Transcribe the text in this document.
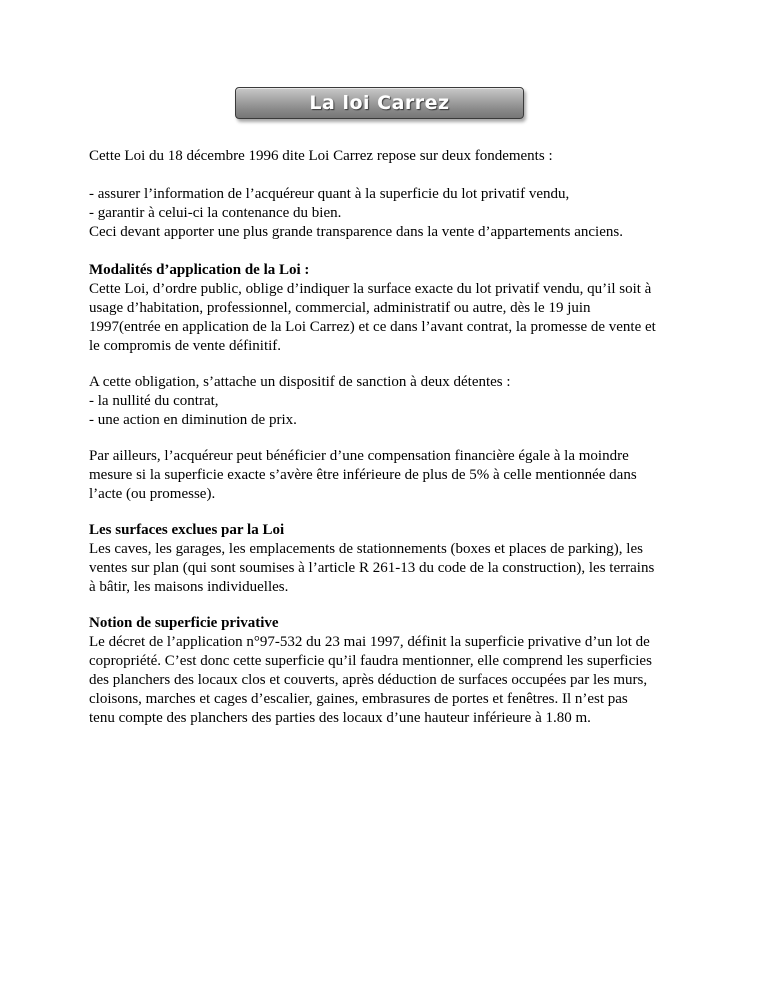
La loi Carrez

Cette Loi du 18 décembre 1996 dite Loi Carrez repose sur deux fondements :

- assurer l’information de l’acquéreur quant à la superficie du lot privatif vendu,
- garantir à celui-ci la contenance du bien.
Ceci devant apporter une plus grande transparence dans la vente d’appartements anciens.

Modalités d’application de la Loi :
Cette Loi, d’ordre public, oblige d’indiquer la surface exacte du lot privatif vendu, qu’il soit à
usage d’habitation, professionnel, commercial, administratif ou autre, dès le 19 juin
1997(entrée en application de la Loi Carrez) et ce dans l’avant contrat, la promesse de vente et
le compromis de vente définitif.

A cette obligation, s’attache un dispositif de sanction à deux détentes :
- la nullité du contrat,
- une action en diminution de prix.

Par ailleurs, l’acquéreur peut bénéficier d’une compensation financière égale à la moindre
mesure si la superficie exacte s’avère être inférieure de plus de 5% à celle mentionnée dans
l’acte (ou promesse).

Les surfaces exclues par la Loi
Les caves, les garages, les emplacements de stationnements (boxes et places de parking), les
ventes sur plan (qui sont soumises à l’article R 261-13 du code de la construction), les terrains
à bâtir, les maisons individuelles.

Notion de superficie privative
Le décret de l’application n°97-532 du 23 mai 1997, définit la superficie privative d’un lot de
copropriété. C’est donc cette superficie qu’il faudra mentionner, elle comprend les superficies
des planchers des locaux clos et couverts, après déduction de surfaces occupées par les murs,
cloisons, marches et cages d’escalier, gaines, embrasures de portes et fenêtres. Il n’est pas
tenu compte des planchers des parties des locaux d’une hauteur inférieure à 1.80 m.
